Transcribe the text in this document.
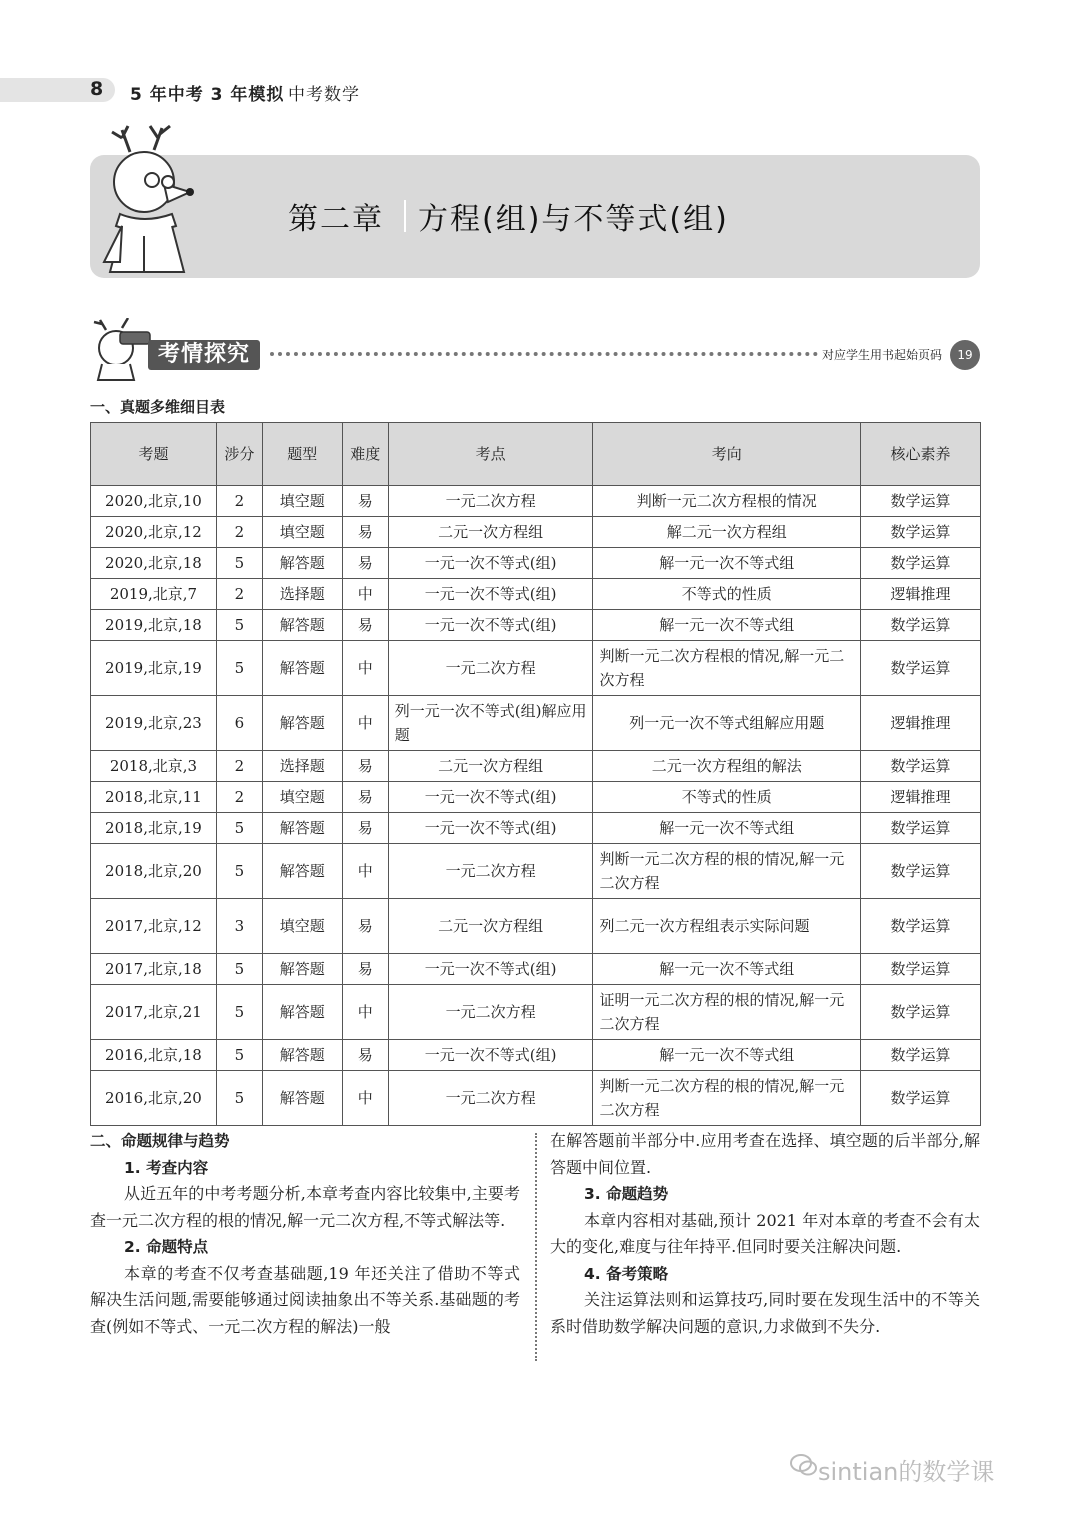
8 5 年中考 3 年模拟 中考数学
第二章 方程(组)与不等式(组)
考情探究	对应学生用书起始页码	19
一、真题多维细目表
考题	涉分	题型	难度	考点	考向	核心素养
2020,北京,10	2	填空题	易	一元二次方程	判断一元二次方程根的情况	数学运算
2020,北京,12	2	填空题	易	二元一次方程组	解二元一次方程组	数学运算
2020,北京,18	5	解答题	易	一元一次不等式(组)	解一元一次不等式组	数学运算
2019,北京,7	2	选择题	中	一元一次不等式(组)	不等式的性质	逻辑推理
2019,北京,18	5	解答题	易	一元一次不等式(组)	解一元一次不等式组	数学运算
2019,北京,19	5	解答题	中	一元二次方程	判断一元二次方程根的情况,解一元二次方程	数学运算
2019,北京,23	6	解答题	中	列一元一次不等式(组)解应用题	列一元一次不等式组解应用题	逻辑推理
2018,北京,3	2	选择题	易	二元一次方程组	二元一次方程组的解法	数学运算
2018,北京,11	2	填空题	易	一元一次不等式(组)	不等式的性质	逻辑推理
2018,北京,19	5	解答题	易	一元一次不等式(组)	解一元一次不等式组	数学运算
2018,北京,20	5	解答题	中	一元二次方程	判断一元二次方程的根的情况,解一元二次方程	数学运算
2017,北京,12	3	填空题	易	二元一次方程组	列二元一次方程组表示实际问题	数学运算
2017,北京,18	5	解答题	易	一元一次不等式(组)	解一元一次不等式组	数学运算
2017,北京,21	5	解答题	中	一元二次方程	证明一元二次方程的根的情况,解一元二次方程	数学运算
2016,北京,18	5	解答题	易	一元一次不等式(组)	解一元一次不等式组	数学运算
2016,北京,20	5	解答题	中	一元二次方程	判断一元二次方程的根的情况,解一元二次方程	数学运算

二、命题规律与趋势

1. 考查内容

从近五年的中考考题分析,本章考查内容比较集中,主要考查一元二次方程的根的情况,解一元二次方程,不等式解法等.

2. 命题特点

本章的考查不仅考查基础题,19 年还关注了借助不等式解决生活问题,需要能够通过阅读抽象出不等关系.基础题的考查(例如不等式、一元二次方程的解法)一般

在解答题前半部分中.应用考查在选择、填空题的后半部分,解答题中间位置.

3. 命题趋势

本章内容相对基础,预计 2021 年对本章的考查不会有太大的变化,难度与往年持平.但同时要关注解决问题.

4. 备考策略

关注运算法则和运算技巧,同时要在发现生活中的不等关系时借助数学解决问题的意识,力求做到不失分.

sintian的数学课
